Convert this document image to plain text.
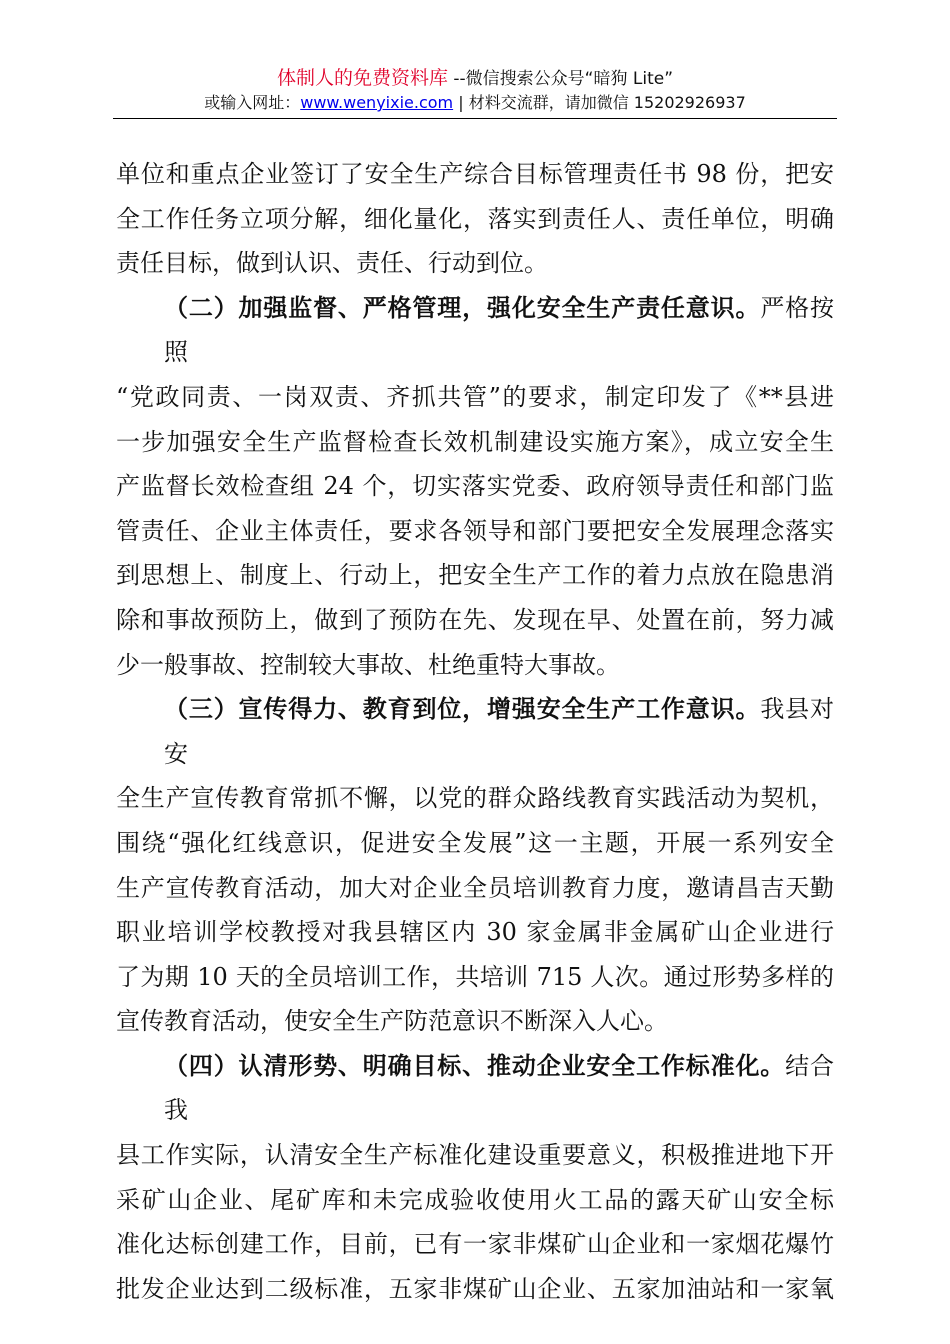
体制人的免费资料库 --微信搜索公众号“暗狗 Lite”
或输入网址：www.wenyixie.com | 材料交流群，请加微信 15202926937

单位和重点企业签订了安全生产综合目标管理责任书 98 份，把安
全工作任务立项分解，细化量化，落实到责任人、责任单位，明确
责任目标，做到认识、责任、行动到位。

（二）加强监督、严格管理，强化安全生产责任意识。严格按照
“党政同责、一岗双责、齐抓共管”的要求，制定印发了《**县进
一步加强安全生产监督检查长效机制建设实施方案》，成立安全生
产监督长效检查组 24 个，切实落实党委、政府领导责任和部门监
管责任、企业主体责任，要求各领导和部门要把安全发展理念落实
到思想上、制度上、行动上，把安全生产工作的着力点放在隐患消
除和事故预防上，做到了预防在先、发现在早、处置在前，努力减
少一般事故、控制较大事故、杜绝重特大事故。

（三）宣传得力、教育到位，增强安全生产工作意识。我县对安
全生产宣传教育常抓不懈，以党的群众路线教育实践活动为契机，
围绕“强化红线意识，促进安全发展”这一主题，开展一系列安全
生产宣传教育活动，加大对企业全员培训教育力度，邀请昌吉天勤
职业培训学校教授对我县辖区内 30 家金属非金属矿山企业进行
了为期 10 天的全员培训工作，共培训 715 人次。通过形势多样的
宣传教育活动，使安全生产防范意识不断深入人心。

（四）认清形势、明确目标、推动企业安全工作标准化。结合我
县工作实际，认清安全生产标准化建设重要意义，积极推进地下开
采矿山企业、尾矿库和未完成验收使用火工品的露天矿山安全标
准化达标创建工作，目前，已有一家非煤矿山企业和一家烟花爆竹
批发企业达到二级标准，五家非煤矿山企业、五家加油站和一家氧
